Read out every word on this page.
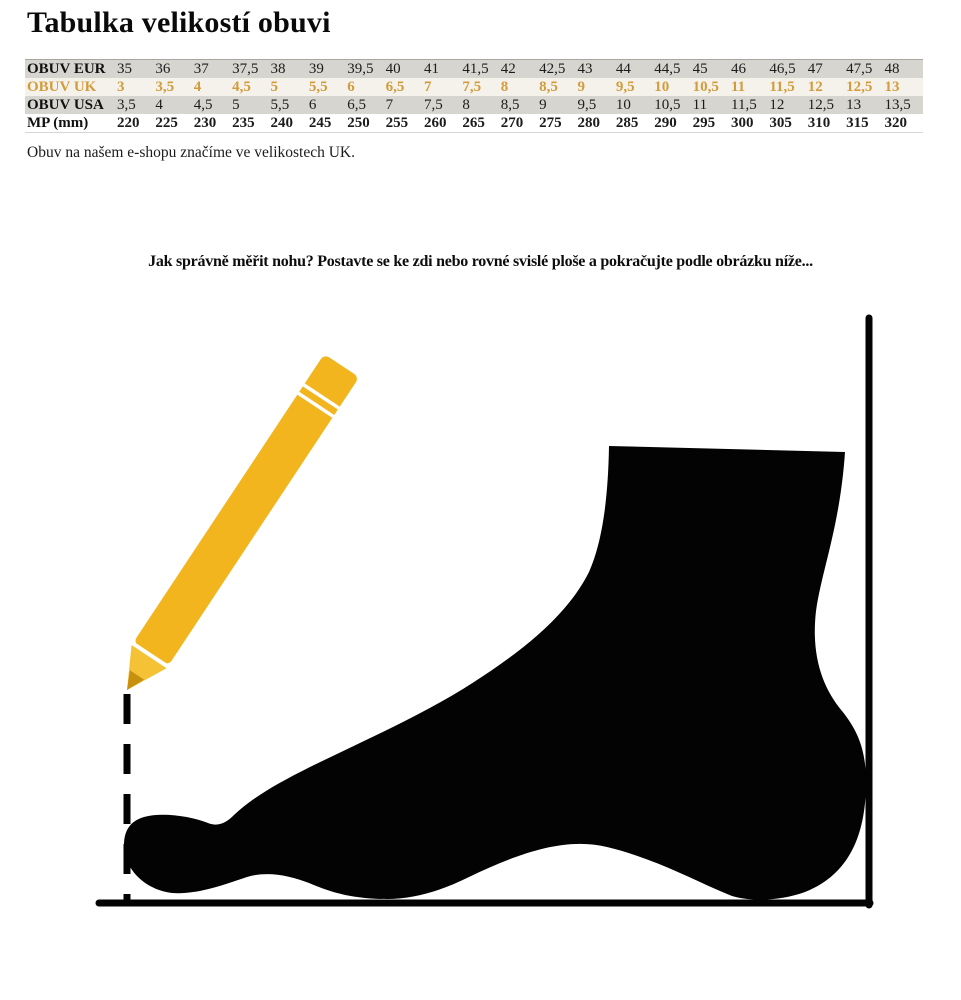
Tabulka velikostí obuvi
OBUV EUR	35	36	37	37,5	38	39	39,5	40	41	41,5	42	42,5	43	44	44,5	45	46	46,5	47	47,5	48
OBUV UK	3	3,5	4	4,5	5	5,5	6	6,5	7	7,5	8	8,5	9	9,5	10	10,5	11	11,5	12	12,5	13
OBUV USA	3,5	4	4,5	5	5,5	6	6,5	7	7,5	8	8,5	9	9,5	10	10,5	11	11,5	12	12,5	13	13,5
MP (mm)	220	225	230	235	240	245	250	255	260	265	270	275	280	285	290	295	300	305	310	315	320

Obuv na našem e-shopu značíme ve velikostech UK.

Jak správně měřit nohu? Postavte se ke zdi nebo rovné svislé ploše a pokračujte podle obrázku níže...
